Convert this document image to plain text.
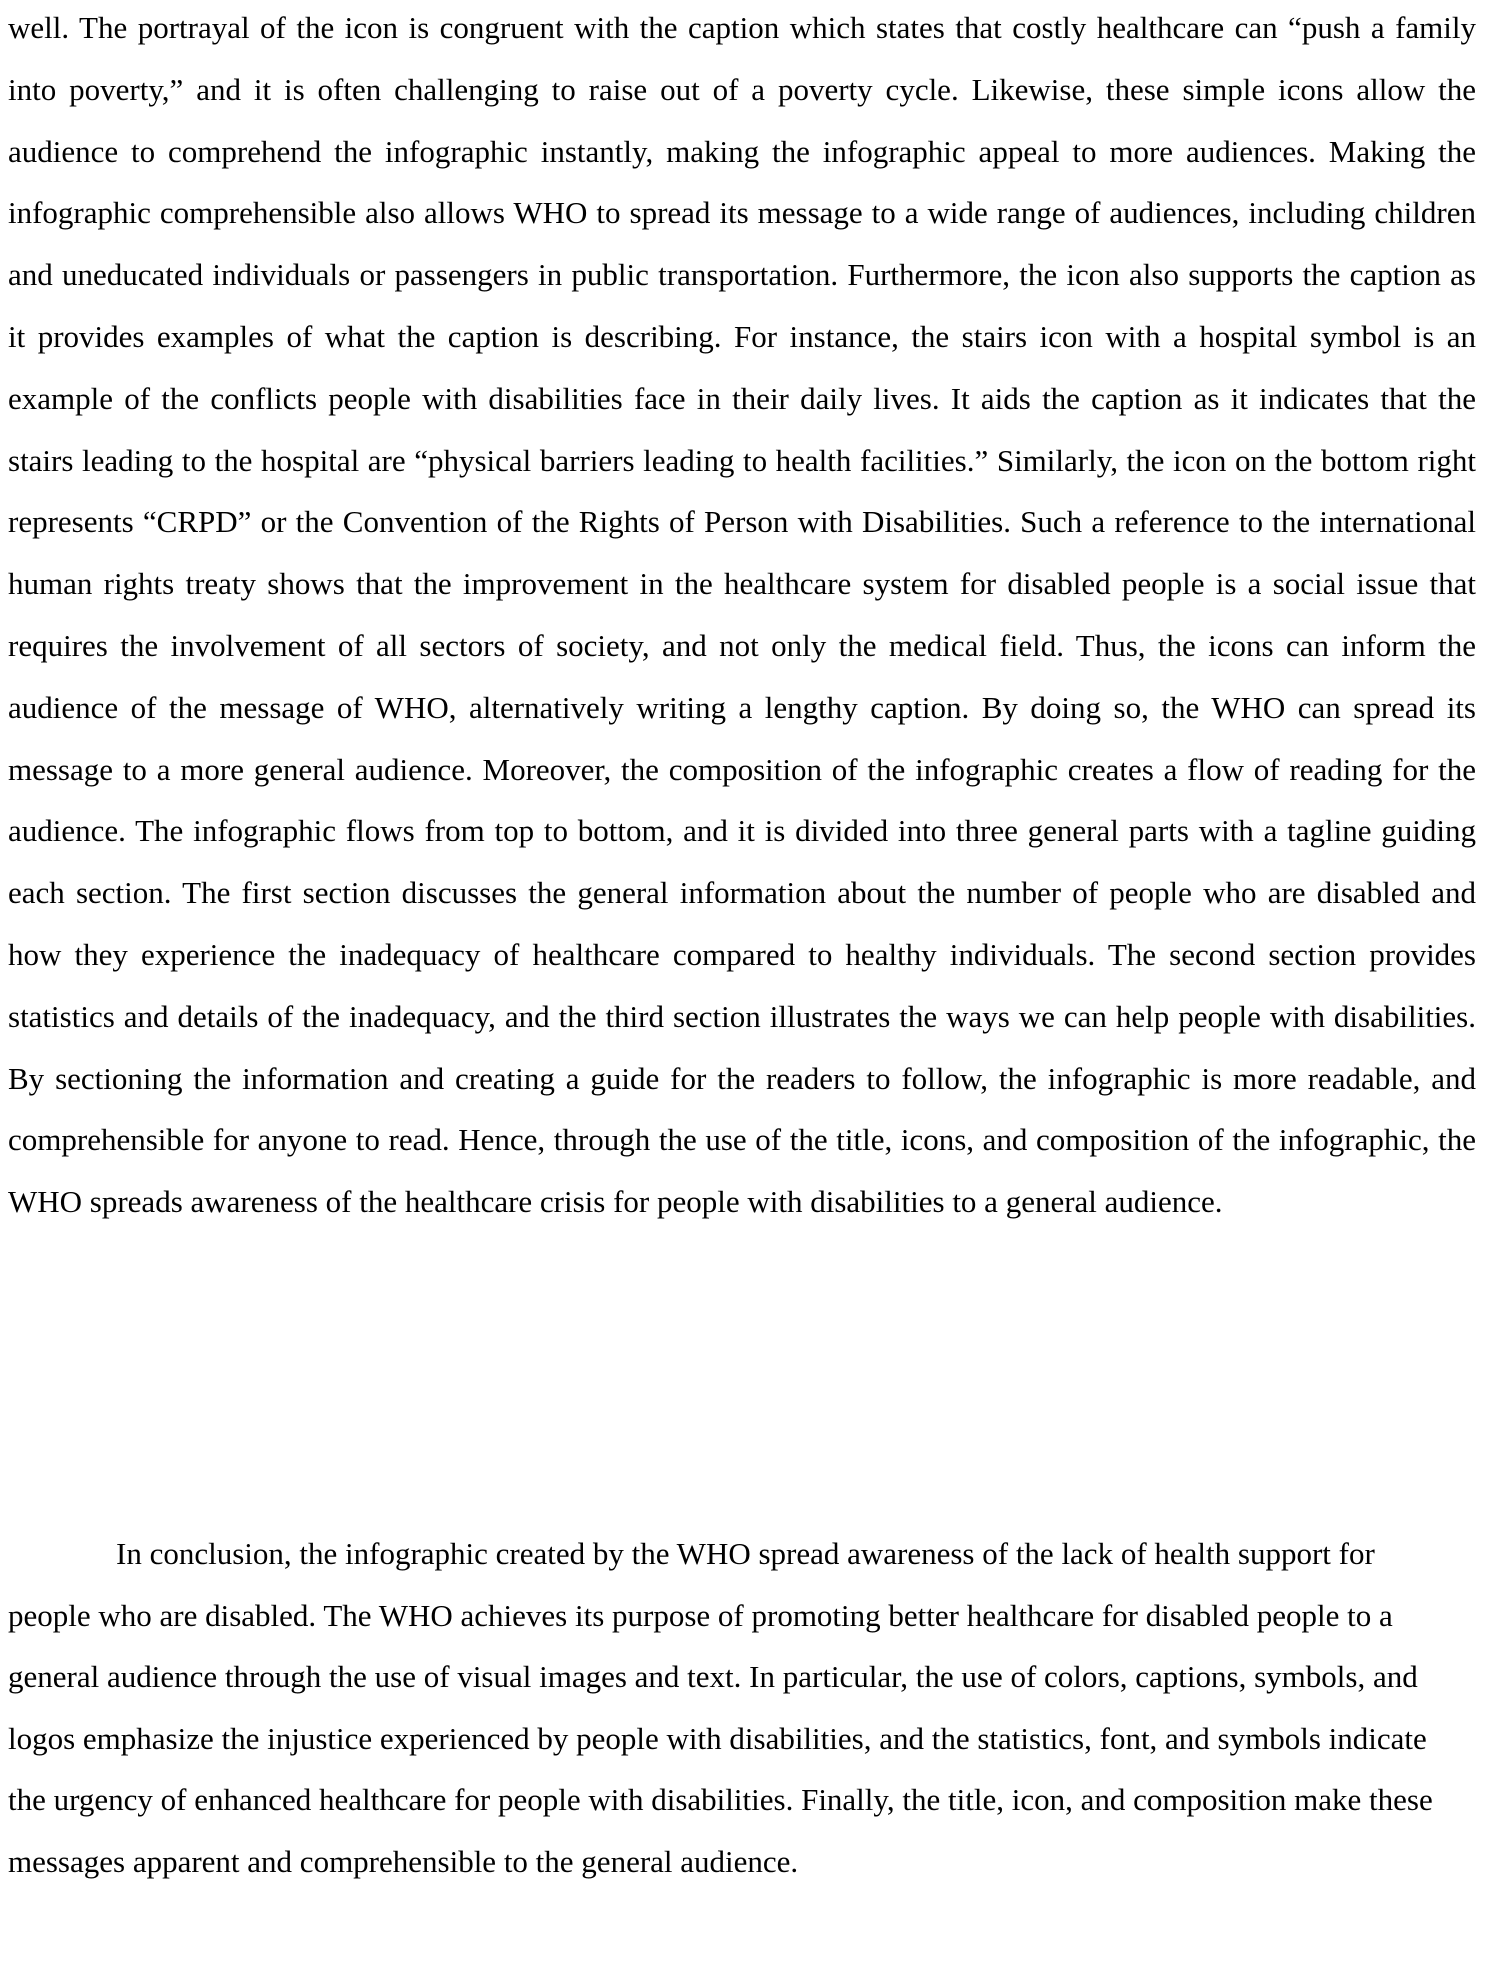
well. The portrayal of the icon is congruent with the caption which states that costly healthcare can “push a family into poverty,” and it is often challenging to raise out of a poverty cycle. Likewise, these simple icons allow the audience to comprehend the infographic instantly, making the infographic appeal to more audiences. Making the infographic comprehensible also allows WHO to spread its message to a wide range of audiences, including children and uneducated individuals or passengers in public transportation. Furthermore, the icon also supports the caption as it provides examples of what the caption is describing. For instance, the stairs icon with a hospital symbol is an example of the conflicts people with disabilities face in their daily lives. It aids the caption as it indicates that the stairs leading to the hospital are “physical barriers leading to health facilities.” Similarly, the icon on the bottom right represents “CRPD” or the Convention of the Rights of Person with Disabilities. Such a reference to the international human rights treaty shows that the improvement in the healthcare system for disabled people is a social issue that requires the involvement of all sectors of society, and not only the medical field. Thus, the icons can inform the audience of the message of WHO, alternatively writing a lengthy caption. By doing so, the WHO can spread its message to a more general audience. Moreover, the composition of the infographic creates a flow of reading for the audience. The infographic flows from top to bottom, and it is divided into three general parts with a tagline guiding each section. The first section discusses the general information about the number of people who are disabled and how they experience the inadequacy of healthcare compared to healthy individuals. The second section provides statistics and details of the inadequacy, and the third section illustrates the ways we can help people with disabilities. By sectioning the information and creating a guide for the readers to follow, the infographic is more readable, and comprehensible for anyone to read. Hence, through the use of the title, icons, and composition of the infographic, the WHO spreads awareness of the healthcare crisis for people with disabilities to a general audience.

In conclusion, the infographic created by the WHO spread awareness of the lack of health support for people who are disabled. The WHO achieves its purpose of promoting better healthcare for disabled people to a general audience through the use of visual images and text. In particular, the use of colors, captions, symbols, and logos emphasize the injustice experienced by people with disabilities, and the statistics, font, and symbols indicate the urgency of enhanced healthcare for people with disabilities. Finally, the title, icon, and composition make these messages apparent and comprehensible to the general audience.
